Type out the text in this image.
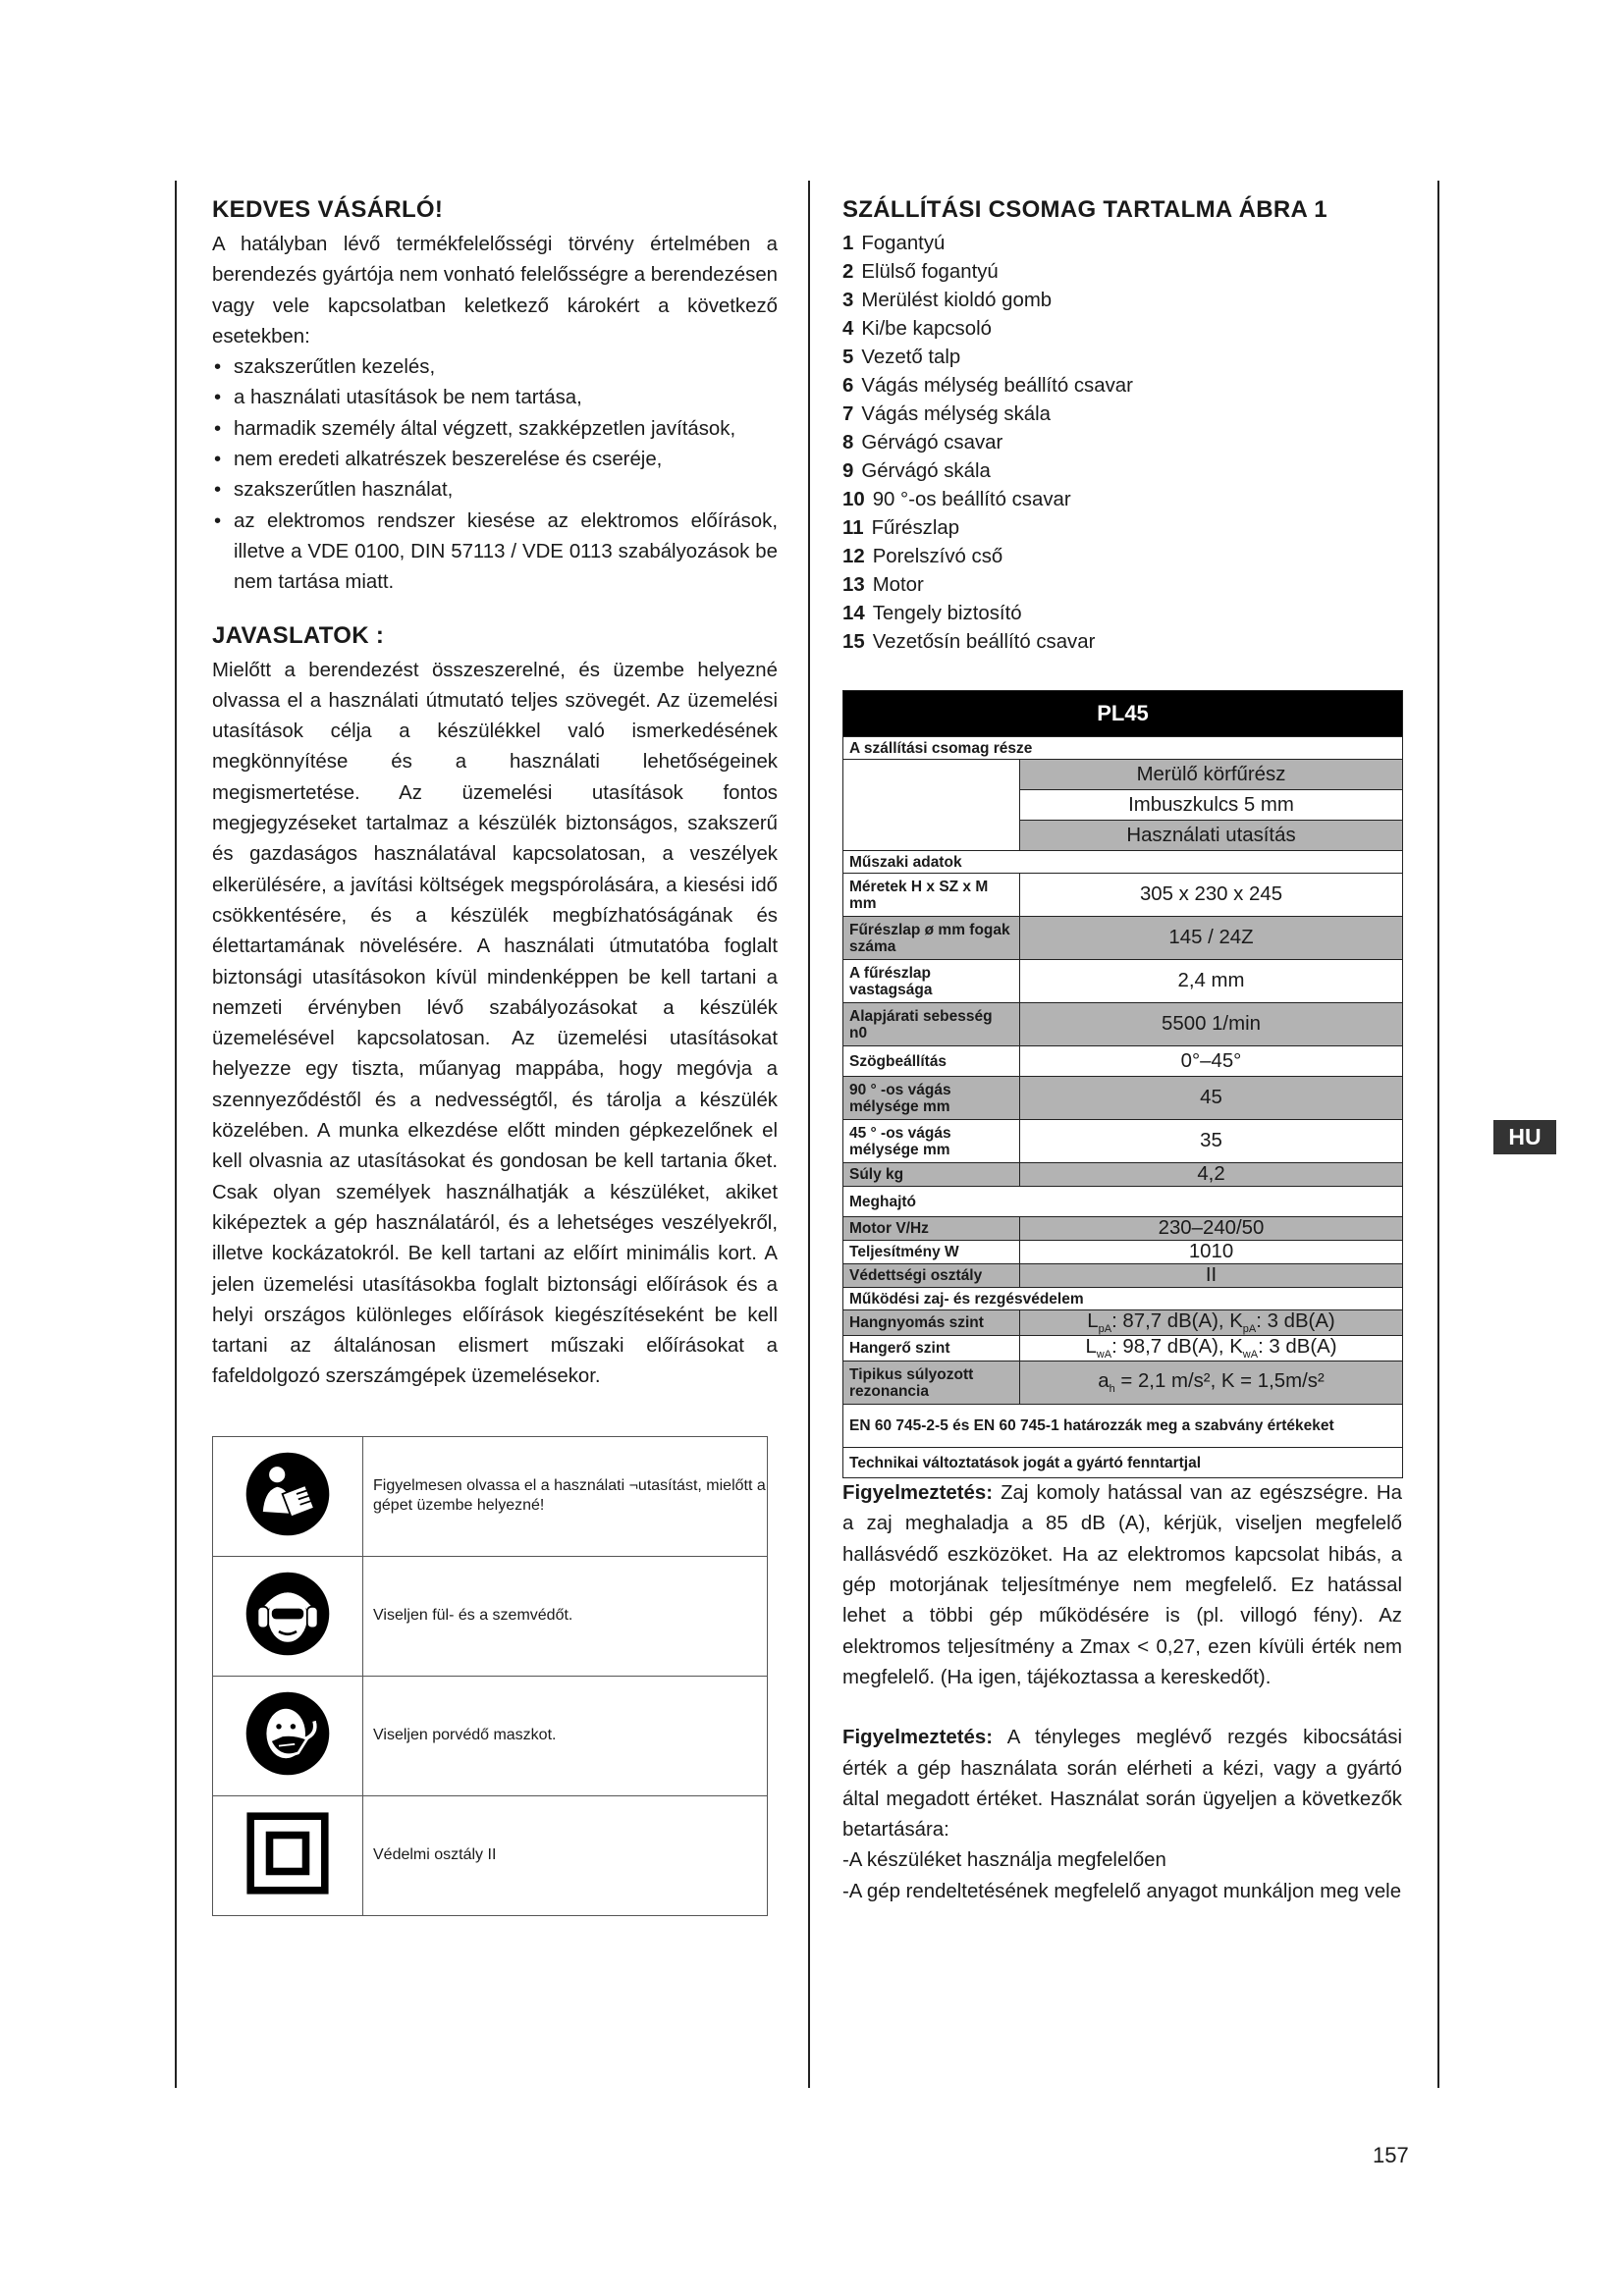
KEDVES VÁSÁRLÓ!

A hatályban lévő termékfelelősségi törvény értelmében a berendezés gyártója nem vonható felelősségre a berendezésen vagy vele kapcsolatban keletkező károkért a következő esetekben:

• szakszerűtlen kezelés,
• a használati utasítások be nem tartása,
• harmadik személy által végzett, szakképzetlen javítások,
• nem eredeti alkatrészek beszerelése és cseréje,
• szakszerűtlen használat,
• az elektromos rendszer kiesése az elektromos előírások, illetve a VDE 0100, DIN 57113 / VDE 0113 szabályozások be nem tartása miatt.
JAVASLATOK :

Mielőtt a berendezést összeszerelné, és üzembe helyezné olvassa el a használati útmutató teljes szövegét. Az üzemelési utasítások célja a készülékkel való ismerkedésének megkönnyítése és a használati lehetőségeinek megismertetése. Az üzemelési utasítások fontos megjegyzéseket tartalmaz a készülék biztonságos, szakszerű és gazdaságos használatával kapcsolatosan, a veszélyek elkerülésére, a javítási költségek megspórolására, a kiesési idő csökkentésére, és a készülék megbízhatóságának és élettartamának növelésére. A használati útmutatóba foglalt biztonsági utasításokon kívül mindenképpen be kell tartani a nemzeti érvényben lévő szabályozásokat a készülék üzemelésével kapcsolatosan. Az üzemelési utasításokat helyezze egy tiszta, műanyag mappába, hogy megóvja a szennyeződéstől és a nedvességtől, és tárolja a készülék közelében. A munka elkezdése előtt minden gépkezelőnek el kell olvasnia az utasításokat és gondosan be kell tartania őket. Csak olyan személyek használhatják a készüléket, akiket kiképeztek a gép használatáról, és a lehetséges veszélyekről, illetve kockázatokról. Be kell tartani az előírt minimális kort. A jelen üzemelési utasításokba foglalt biztonsági előírások és a helyi országos különleges előírások kiegészítéseként be kell tartani az általánosan elismert műszaki előírásokat a fafeldolgozó szerszámgépek üzemelésekor.

	Figyelmesen olvassa el a használati ¬utasítást, mielőtt a gépet üzembe helyezné!
	Viseljen fül- és a szemvédőt.
	Viseljen porvédő maszkot.
	Védelmi osztály II
SZÁLLÍTÁSI CSOMAG TARTALMA ÁBRA 1
1 Fogantyú
2 Elülső fogantyú
3 Merülést kioldó gomb
4 Ki/be kapcsoló
5 Vezető talp
6 Vágás mélység beállító csavar
7 Vágás mélység skála
8 Gérvágó csavar
9 Gérvágó skála
10 90 °-os beállító csavar
11 Fűrészlap
12 Porelszívó cső
13 Motor
14 Tengely biztosító
15 Vezetősín beállító csavar
PL45	
A szállítási csomag része	
	Merülő körfűrész
	Imbuszkulcs 5 mm
	Használati utasítás
Műszaki adatok	
Méretek H x SZ x M mm	305 x 230 x 245
Fűrészlap ø mm fogak száma	145 / 24Z
A fűrészlap vastagsága	2,4 mm
Alapjárati sebesség n0	5500 1/min
Szögbeállítás	0°–45°
90 ° -os vágás mélysége mm	45
45 ° -os vágás mélysége mm	35
Súly kg	4,2
Meghajtó	
Motor V/Hz	230–240/50
Teljesítmény W	1010
Védettségi osztály	II
Működési zaj- és rezgésvédelem	
Hangnyomás szint	$L_{pA}$: 87,7 dB(A), $K_{pA}$: 3 dB(A)
Hangerő szint	$L_{wA}$: 98,7 dB(A), $K_{wA}$: 3 dB(A)
Tipikus súlyozott rezonancia	$a_h = 2,1$ m/s², K = 1,5m/s²
EN 60 745-2-5 és EN 60 745-1 határozzák meg a szabvány értékeket	
Technikai változtatások jogát a gyártó fenntartjal	

Figyelmeztetés: Zaj komoly hatással van az egészségre. Ha a zaj meghaladja a 85 dB (A), kérjük, viseljen megfelelő hallásvédő eszközöket. Ha az elektromos kapcsolat hibás, a gép motorjának teljesítménye nem megfelelő. Ez hatással lehet a többi gép működésére is (pl. villogó fény). Az elektromos teljesítmény a Zmax < 0,27, ezen kívüli érték nem megfelelő. (Ha igen, tájékoztassa a kereskedőt).

Figyelmeztetés: A tényleges meglévő rezgés kibocsátási érték a gép használata során elérheti a kézi, vagy a gyártó által megadott értéket. Használat során ügyeljen a következők betartására:

-A készüléket használja megfelelően

-A gép rendeltetésének megfelelő anyagot munkáljon meg vele

HU
157
